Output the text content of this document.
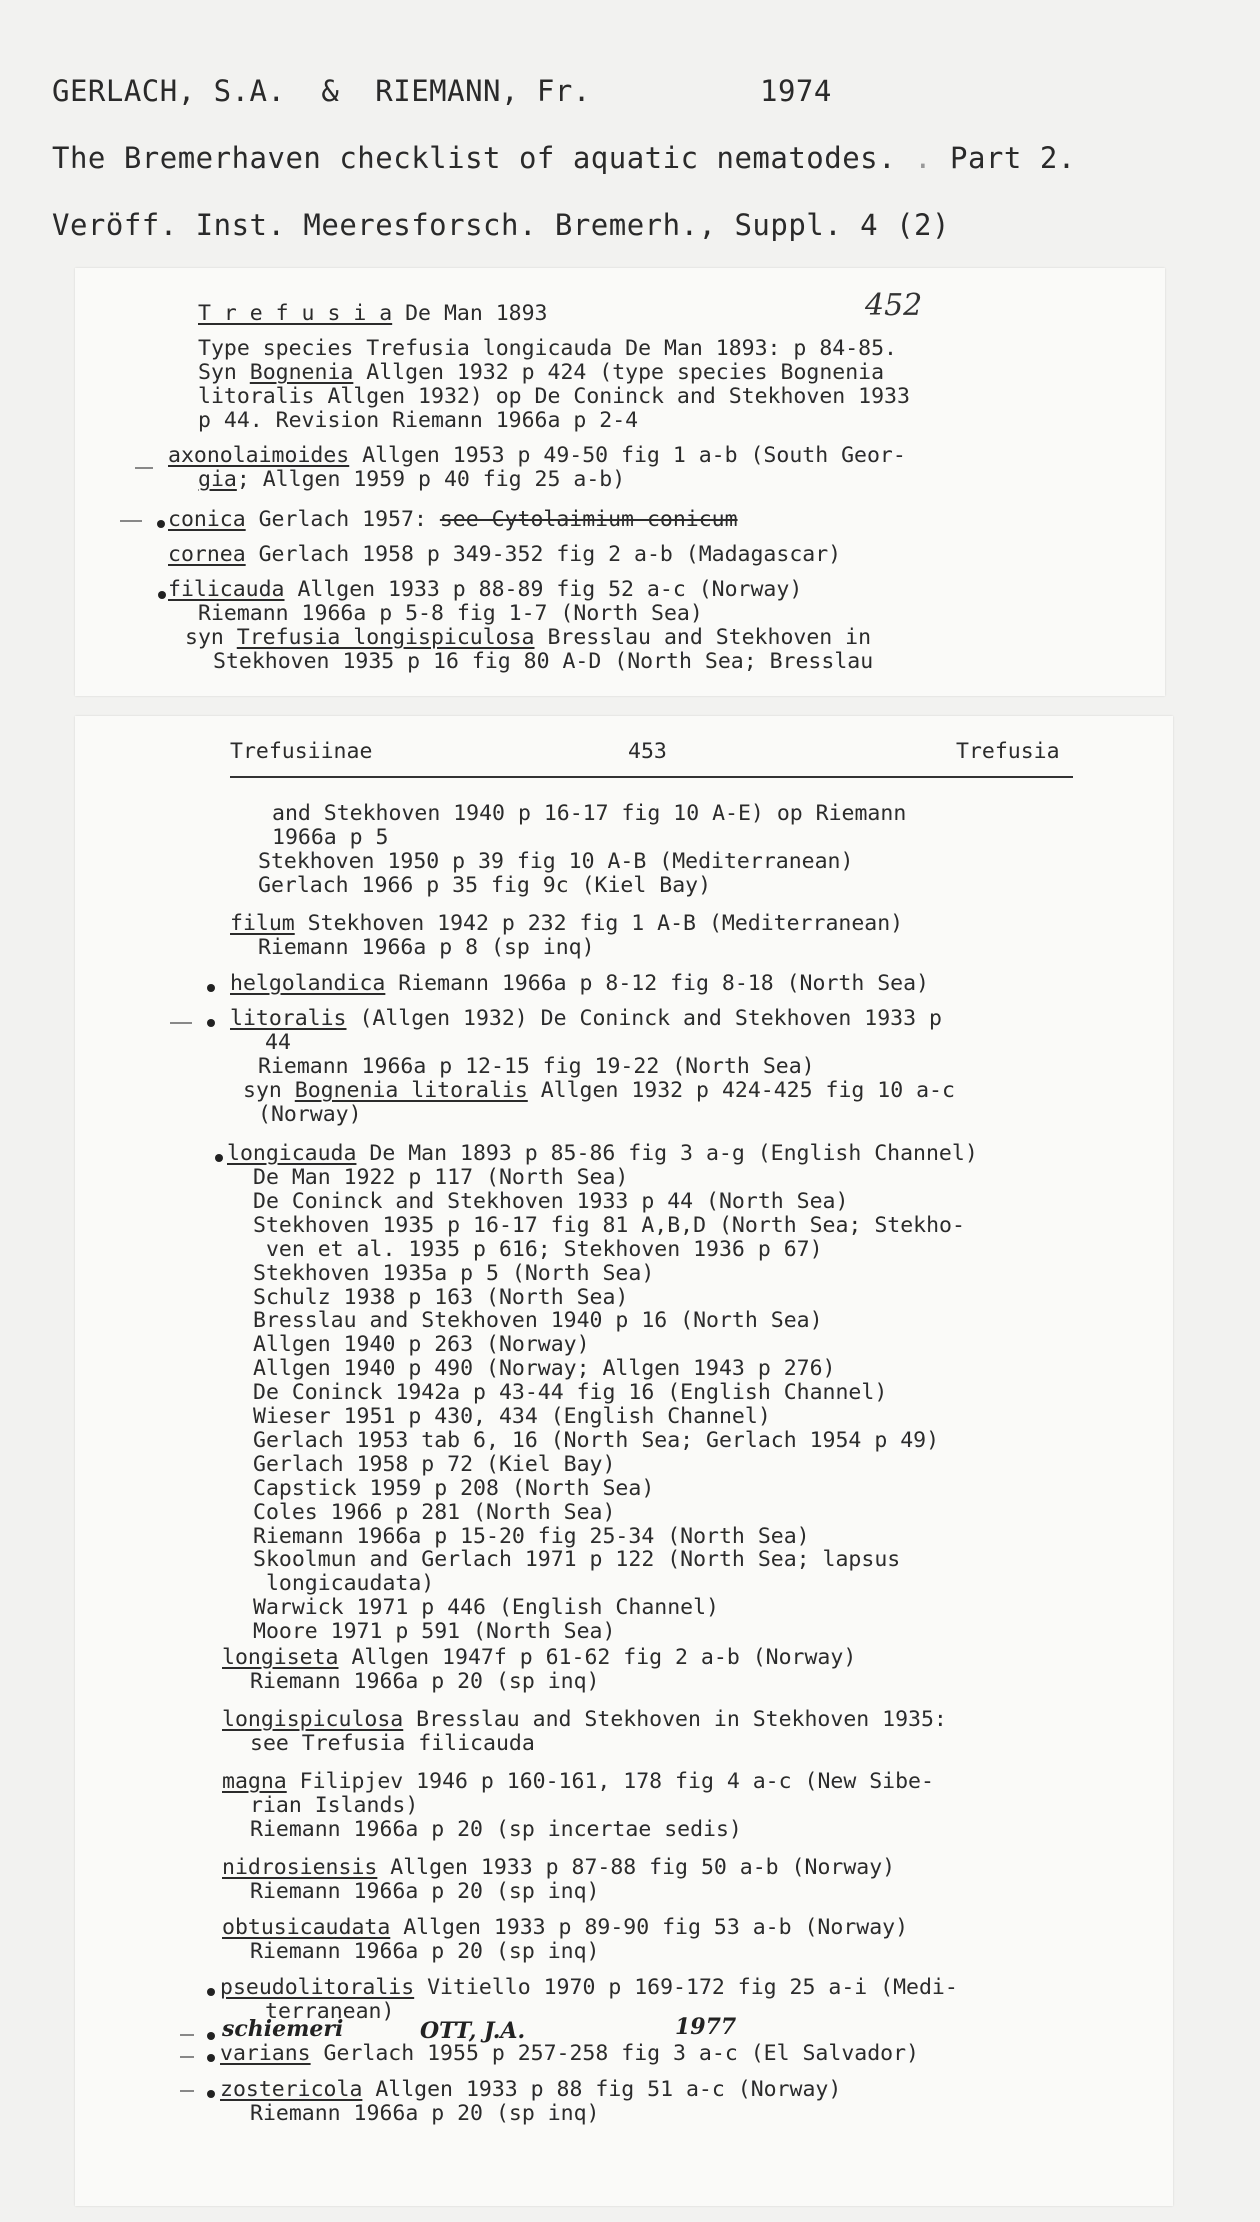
GERLACH, S.A.  &  RIEMANN, Fr.	1974
The Bremerhaven checklist of aquatic nematodes. . Part 2.
Veröff. Inst. Meeresforsch. Bremerh., Suppl. 4 (2)
452
T r e f u s i a De Man 1893
Type species Trefusia longicauda De Man 1893: p 84-85.
Syn Bognenia Allgen 1932 p 424 (type species Bognenia
litoralis Allgen 1932) op De Coninck and Stekhoven 1933
p 44. Revision Riemann 1966a p 2-4
axonolaimoides Allgen 1953 p 49-50 fig 1 a-b (South Geor-
gia; Allgen 1959 p 40 fig 25 a-b)
conica Gerlach 1957: see Cytolaimium conicum
cornea Gerlach 1958 p 349-352 fig 2 a-b (Madagascar)
filicauda Allgen 1933 p 88-89 fig 52 a-c (Norway)
Riemann 1966a p 5-8 fig 1-7 (North Sea)
syn Trefusia longispiculosa Bresslau and Stekhoven in
Stekhoven 1935 p 16 fig 80 A-D (North Sea; Bresslau
Trefusiinae	453	Trefusia
and Stekhoven 1940 p 16-17 fig 10 A-E) op Riemann
1966a p 5
Stekhoven 1950 p 39 fig 10 A-B (Mediterranean)
Gerlach 1966 p 35 fig 9c (Kiel Bay)
filum Stekhoven 1942 p 232 fig 1 A-B (Mediterranean)
Riemann 1966a p 8 (sp inq)
helgolandica Riemann 1966a p 8-12 fig 8-18 (North Sea)
litoralis (Allgen 1932) De Coninck and Stekhoven 1933 p
44
Riemann 1966a p 12-15 fig 19-22 (North Sea)
syn Bognenia litoralis Allgen 1932 p 424-425 fig 10 a-c
(Norway)
longicauda De Man 1893 p 85-86 fig 3 a-g (English Channel)
De Man 1922 p 117 (North Sea)
De Coninck and Stekhoven 1933 p 44 (North Sea)
Stekhoven 1935 p 16-17 fig 81 A,B,D (North Sea; Stekho-
ven et al. 1935 p 616; Stekhoven 1936 p 67)
Stekhoven 1935a p 5 (North Sea)
Schulz 1938 p 163 (North Sea)
Bresslau and Stekhoven 1940 p 16 (North Sea)
Allgen 1940 p 263 (Norway)
Allgen 1940 p 490 (Norway; Allgen 1943 p 276)
De Coninck 1942a p 43-44 fig 16 (English Channel)
Wieser 1951 p 430, 434 (English Channel)
Gerlach 1953 tab 6, 16 (North Sea; Gerlach 1954 p 49)
Gerlach 1958 p 72 (Kiel Bay)
Capstick 1959 p 208 (North Sea)
Coles 1966 p 281 (North Sea)
Riemann 1966a p 15-20 fig 25-34 (North Sea)
Skoolmun and Gerlach 1971 p 122 (North Sea; lapsus
longicaudata)
Warwick 1971 p 446 (English Channel)
Moore 1971 p 591 (North Sea)
longiseta Allgen 1947f p 61-62 fig 2 a-b (Norway)
Riemann 1966a p 20 (sp inq)
longispiculosa Bresslau and Stekhoven in Stekhoven 1935:
see Trefusia filicauda
magna Filipjev 1946 p 160-161, 178 fig 4 a-c (New Sibe-
rian Islands)
Riemann 1966a p 20 (sp incertae sedis)
nidrosiensis Allgen 1933 p 87-88 fig 50 a-b (Norway)
Riemann 1966a p 20 (sp inq)
obtusicaudata Allgen 1933 p 89-90 fig 53 a-b (Norway)
Riemann 1966a p 20 (sp inq)
pseudolitoralis Vitiello 1970 p 169-172 fig 25 a-i (Medi-
terranean)
schiemeri	OTT, J.A.	1977
varians Gerlach 1955 p 257-258 fig 3 a-c (El Salvador)
zostericola Allgen 1933 p 88 fig 51 a-c (Norway)
Riemann 1966a p 20 (sp inq)
